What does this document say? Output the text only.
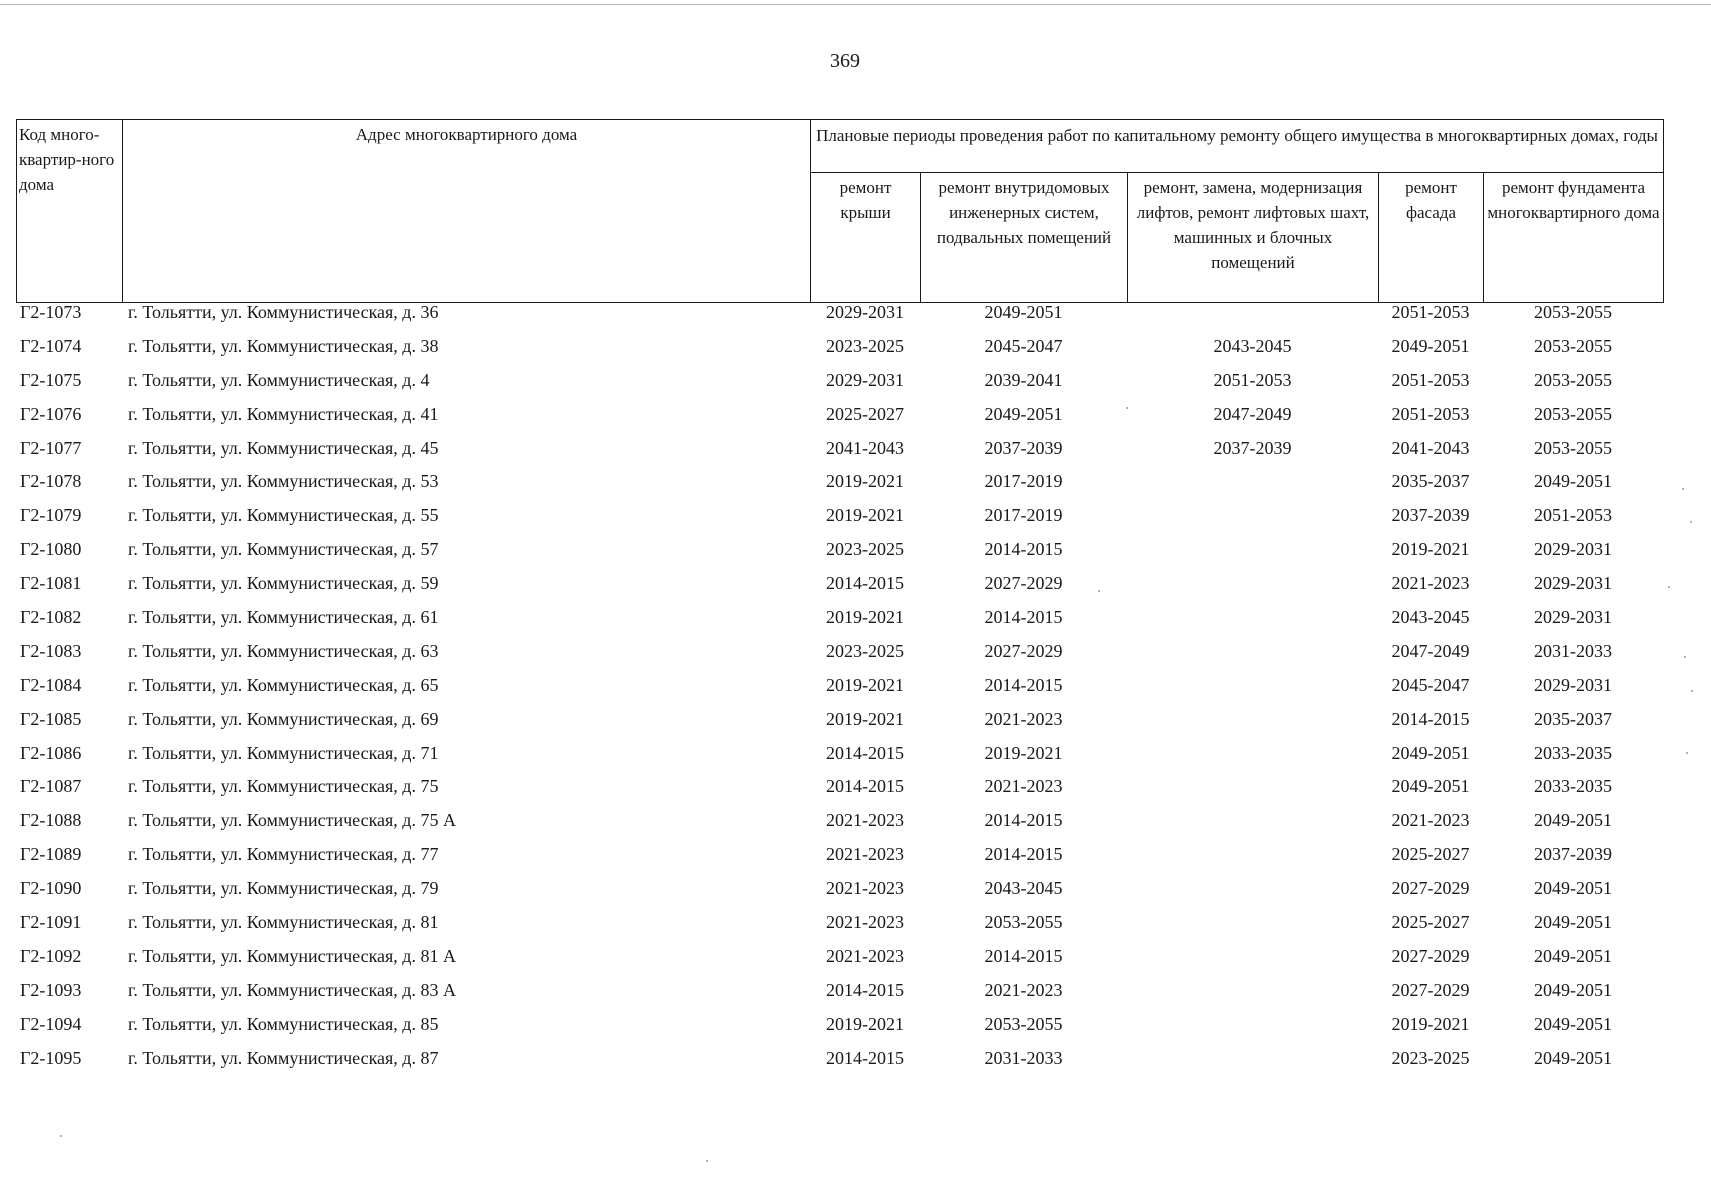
369
Код много-квартир-ного дома	Адрес многоквартирного дома	Плановые периоды проведения работ по капитальному ремонту общего имущества в многоквартирных домах, годы				
		ремонт крыши	ремонт внутридомовых инженерных систем, подвальных помещений	ремонт, замена, модернизация лифтов, ремонт лифтовых шахт, машинных и блочных помещений	ремонт фасада	ремонт фундамента многоквартирного дома
Г2-1073	г. Тольятти, ул. Коммунистическая, д. 36	2029-2031	2049-2051		2051-2053	2053-2055
Г2-1074	г. Тольятти, ул. Коммунистическая, д. 38	2023-2025	2045-2047	2043-2045	2049-2051	2053-2055
Г2-1075	г. Тольятти, ул. Коммунистическая, д. 4	2029-2031	2039-2041	2051-2053	2051-2053	2053-2055
Г2-1076	г. Тольятти, ул. Коммунистическая, д. 41	2025-2027	2049-2051	2047-2049	2051-2053	2053-2055
Г2-1077	г. Тольятти, ул. Коммунистическая, д. 45	2041-2043	2037-2039	2037-2039	2041-2043	2053-2055
Г2-1078	г. Тольятти, ул. Коммунистическая, д. 53	2019-2021	2017-2019		2035-2037	2049-2051
Г2-1079	г. Тольятти, ул. Коммунистическая, д. 55	2019-2021	2017-2019		2037-2039	2051-2053
Г2-1080	г. Тольятти, ул. Коммунистическая, д. 57	2023-2025	2014-2015		2019-2021	2029-2031
Г2-1081	г. Тольятти, ул. Коммунистическая, д. 59	2014-2015	2027-2029		2021-2023	2029-2031
Г2-1082	г. Тольятти, ул. Коммунистическая, д. 61	2019-2021	2014-2015		2043-2045	2029-2031
Г2-1083	г. Тольятти, ул. Коммунистическая, д. 63	2023-2025	2027-2029		2047-2049	2031-2033
Г2-1084	г. Тольятти, ул. Коммунистическая, д. 65	2019-2021	2014-2015		2045-2047	2029-2031
Г2-1085	г. Тольятти, ул. Коммунистическая, д. 69	2019-2021	2021-2023		2014-2015	2035-2037
Г2-1086	г. Тольятти, ул. Коммунистическая, д. 71	2014-2015	2019-2021		2049-2051	2033-2035
Г2-1087	г. Тольятти, ул. Коммунистическая, д. 75	2014-2015	2021-2023		2049-2051	2033-2035
Г2-1088	г. Тольятти, ул. Коммунистическая, д. 75 А	2021-2023	2014-2015		2021-2023	2049-2051
Г2-1089	г. Тольятти, ул. Коммунистическая, д. 77	2021-2023	2014-2015		2025-2027	2037-2039
Г2-1090	г. Тольятти, ул. Коммунистическая, д. 79	2021-2023	2043-2045		2027-2029	2049-2051
Г2-1091	г. Тольятти, ул. Коммунистическая, д. 81	2021-2023	2053-2055		2025-2027	2049-2051
Г2-1092	г. Тольятти, ул. Коммунистическая, д. 81 А	2021-2023	2014-2015		2027-2029	2049-2051
Г2-1093	г. Тольятти, ул. Коммунистическая, д. 83 А	2014-2015	2021-2023		2027-2029	2049-2051
Г2-1094	г. Тольятти, ул. Коммунистическая, д. 85	2019-2021	2053-2055		2019-2021	2049-2051
Г2-1095	г. Тольятти, ул. Коммунистическая, д. 87	2014-2015	2031-2033		2023-2025	2049-2051
